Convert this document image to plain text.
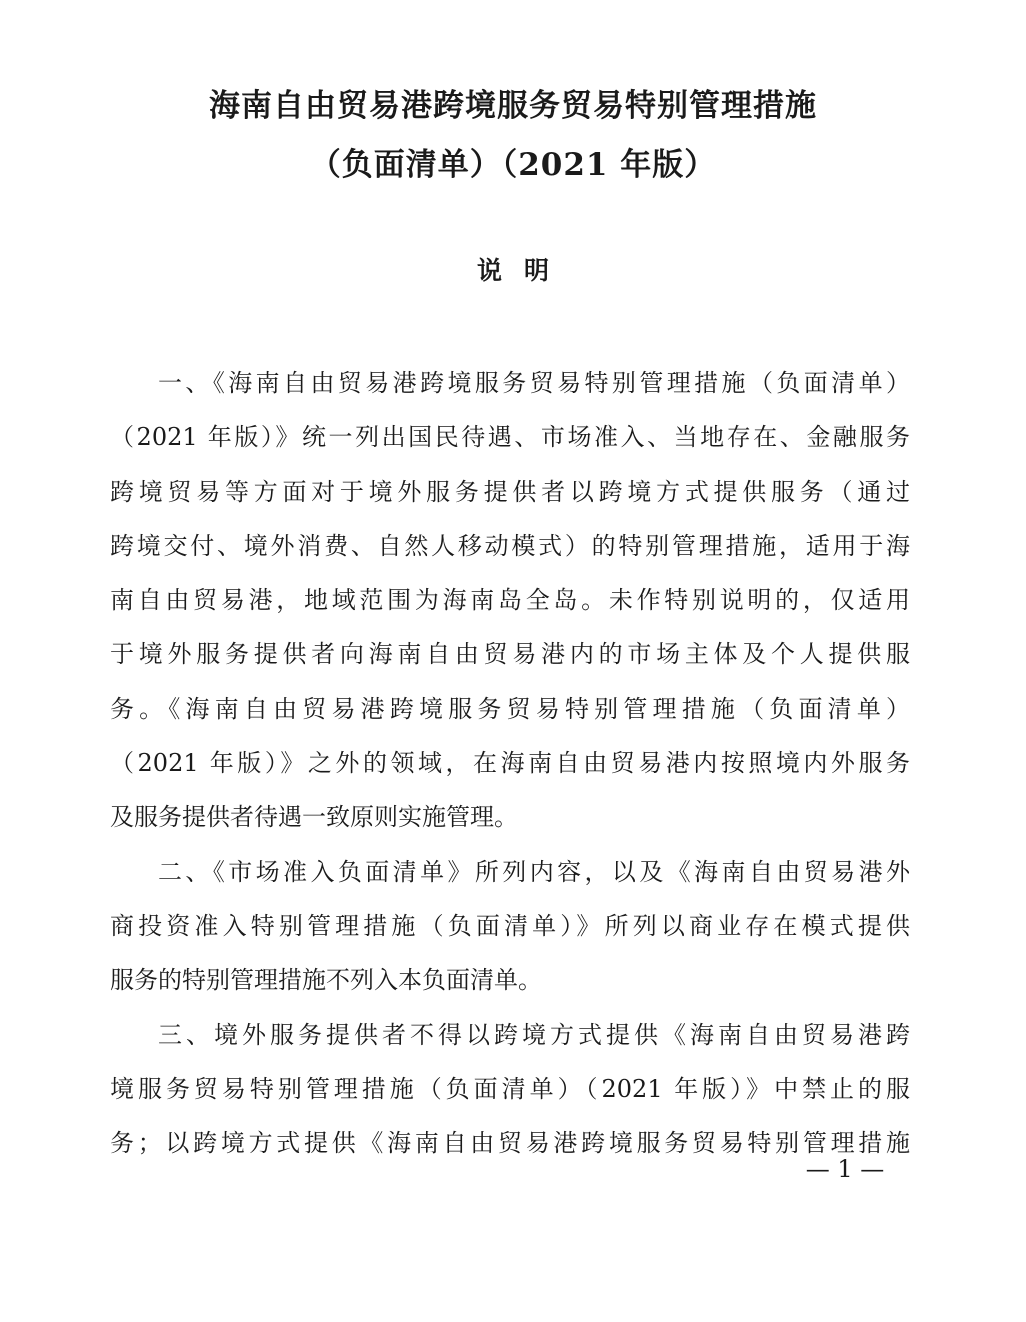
海南自由贸易港跨境服务贸易特别管理措施
（负面清单）（2021 年版）
说明
一、《海南自由贸易港跨境服务贸易特别管理措施（负面清单）
（2021 年版）》统一列出国民待遇、市场准入、当地存在、金融服务
跨境贸易等方面对于境外服务提供者以跨境方式提供服务（通过
跨境交付、境外消费、自然人移动模式）的特别管理措施，适用于海
南自由贸易港，地域范围为海南岛全岛。未作特别说明的，仅适用
于境外服务提供者向海南自由贸易港内的市场主体及个人提供服
务。《海南自由贸易港跨境服务贸易特别管理措施（负面清单）
（2021 年版）》之外的领域，在海南自由贸易港内按照境内外服务
及服务提供者待遇一致原则实施管理。
二、《市场准入负面清单》所列内容，以及《海南自由贸易港外
商投资准入特别管理措施（负面清单）》所列以商业存在模式提供
服务的特别管理措施不列入本负面清单。
三、境外服务提供者不得以跨境方式提供《海南自由贸易港跨
境服务贸易特别管理措施（负面清单）（2021 年版）》中禁止的服
务；以跨境方式提供《海南自由贸易港跨境服务贸易特别管理措施
— 1 —
